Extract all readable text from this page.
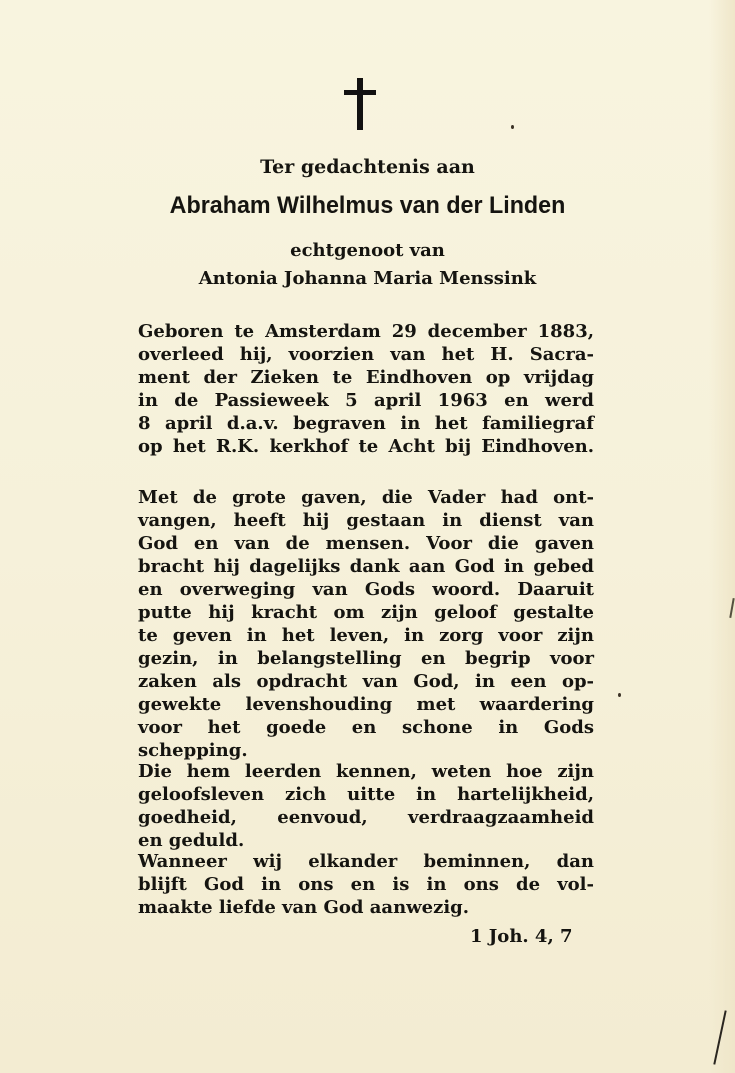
Ter gedachtenis aan
Abraham Wilhelmus van der Linden
echtgenoot van
Antonia Johanna Maria Menssink
Geboren te Amsterdam 29 december 1883,
overleed hij, voorzien van het H. Sacra-
ment der Zieken te Eindhoven op vrijdag
in de Passieweek 5 april 1963 en werd
8 april d.a.v. begraven in het familiegraf
op het R.K. kerkhof te Acht bij Eindhoven.
Met de grote gaven, die Vader had ont-
vangen, heeft hij gestaan in dienst van
God en van de mensen. Voor die gaven
bracht hij dagelijks dank aan God in gebed
en overweging van Gods woord. Daaruit
putte hij kracht om zijn geloof gestalte
te geven in het leven, in zorg voor zijn
gezin, in belangstelling en begrip voor
zaken als opdracht van God, in een op-
gewekte levenshouding met waardering
voor het goede en schone in Gods
schepping.
Die hem leerden kennen, weten hoe zijn
geloofsleven zich uitte in hartelijkheid,
goedheid, eenvoud, verdraagzaamheid
en geduld.
Wanneer wij elkander beminnen, dan
blijft God in ons en is in ons de vol-
maakte liefde van God aanwezig.
1 Joh. 4, 7
